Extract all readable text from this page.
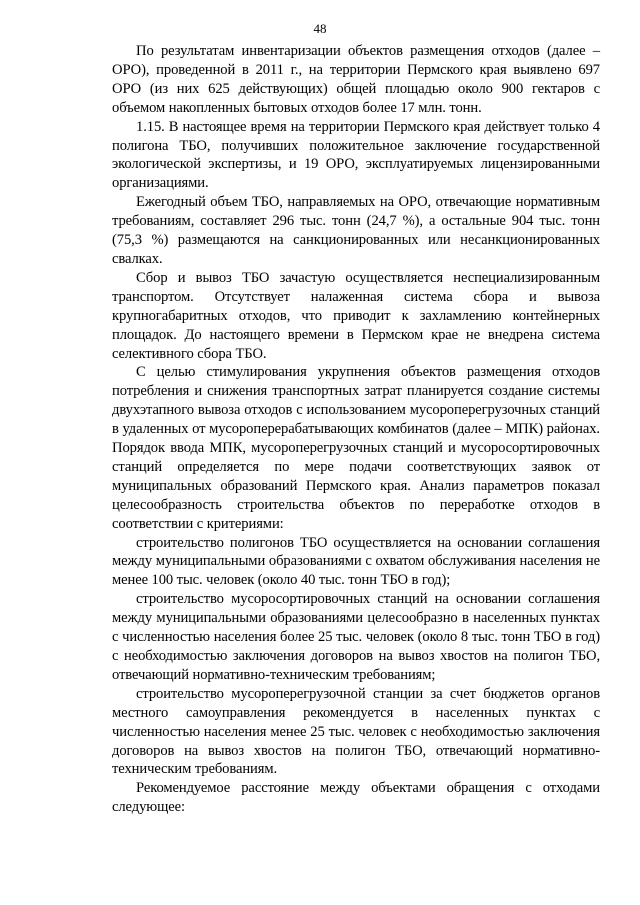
48

По результатам инвентаризации объектов размещения отходов (далее – ОРО), проведенной в 2011 г., на территории Пермского края выявлено 697 ОРО (из них 625 действующих) общей площадью около 900 гектаров с объемом накопленных бытовых отходов более 17 млн. тонн.

1.15. В настоящее время на территории Пермского края действует только 4 полигона ТБО, получивших положительное заключение государственной экологической экспертизы, и 19 ОРО, эксплуатируемых лицензированными организациями.

Ежегодный объем ТБО, направляемых на ОРО, отвечающие нормативным требованиям, составляет 296 тыс. тонн (24,7 %), а остальные 904 тыс. тонн (75,3 %) размещаются на санкционированных или несанкционированных свалках.

Сбор и вывоз ТБО зачастую осуществляется неспециализированным транспортом. Отсутствует налаженная система сбора и вывоза крупногабаритных отходов, что приводит к захламлению контейнерных площадок. До настоящего времени в Пермском крае не внедрена система селективного сбора ТБО.

С целью стимулирования укрупнения объектов размещения отходов потребления и снижения транспортных затрат планируется создание системы двухэтапного вывоза отходов с использованием мусороперегрузочных станций в удаленных от мусороперерабатывающих комбинатов (далее – МПК) районах. Порядок ввода МПК, мусороперегрузочных станций и мусоросортировочных станций определяется по мере подачи соответствующих заявок от муниципальных образований Пермского края. Анализ параметров показал целесообразность строительства объектов по переработке отходов в соответствии с критериями:

строительство полигонов ТБО осуществляется на основании соглашения между муниципальными образованиями с охватом обслуживания населения не менее 100 тыс. человек (около 40 тыс. тонн ТБО в год);

строительство мусоросортировочных станций на основании соглашения между муниципальными образованиями целесообразно в населенных пунктах с численностью населения более 25 тыс. человек (около 8 тыс. тонн ТБО в год) с необходимостью заключения договоров на вывоз хвостов на полигон ТБО, отвечающий нормативно-техническим требованиям;

строительство мусороперегрузочной станции за счет бюджетов органов местного самоуправления рекомендуется в населенных пунктах с численностью населения менее 25 тыс. человек с необходимостью заключения договоров на вывоз хвостов на полигон ТБО, отвечающий нормативно-техническим требованиям.

Рекомендуемое расстояние между объектами обращения с отходами следующее:
